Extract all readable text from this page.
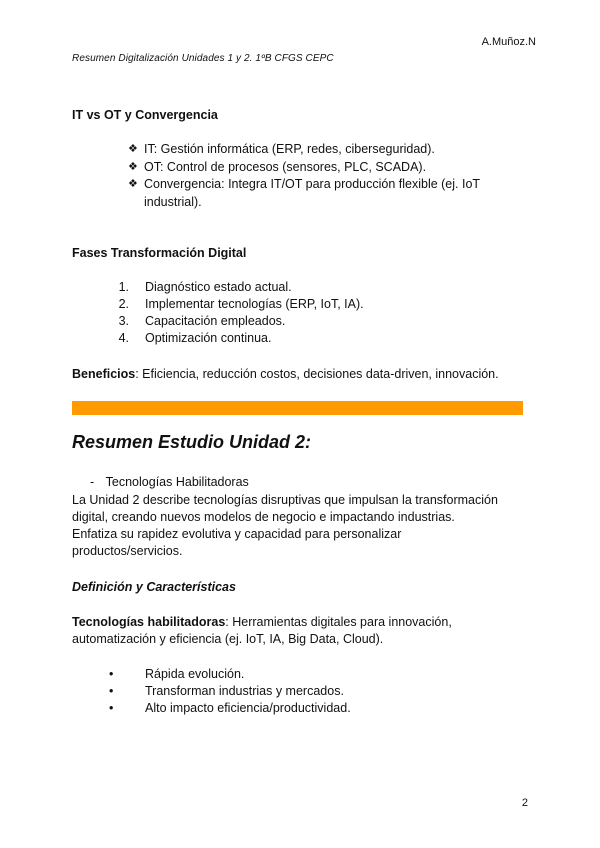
A.Muñoz.N
Resumen Digitalización Unidades 1 y 2. 1ºB CFGS CEPC
IT vs OT y Convergencia
❖ IT: Gestión informática (ERP, redes, ciberseguridad).
❖ OT: Control de procesos (sensores, PLC, SCADA).
❖ Convergencia: Integra IT/OT para producción flexible (ej. IoT
industrial).
Fases Transformación Digital
1. Diagnóstico estado actual.
2. Implementar tecnologías (ERP, IoT, IA).
3. Capacitación empleados.
4. Optimización continua.
Beneficios: Eficiencia, reducción costos, decisiones data-driven, innovación.
Resumen Estudio Unidad 2:
- Tecnologías Habilitadoras
La Unidad 2 describe tecnologías disruptivas que impulsan la transformación
digital, creando nuevos modelos de negocio e impactando industrias.
Enfatiza su rapidez evolutiva y capacidad para personalizar
productos/servicios.
Definición y Características
Tecnologías habilitadoras: Herramientas digitales para innovación,
automatización y eficiencia (ej. IoT, IA, Big Data, Cloud).
•	Rápida evolución.
•	Transforman industrias y mercados.
•	Alto impacto eficiencia/productividad.
2
